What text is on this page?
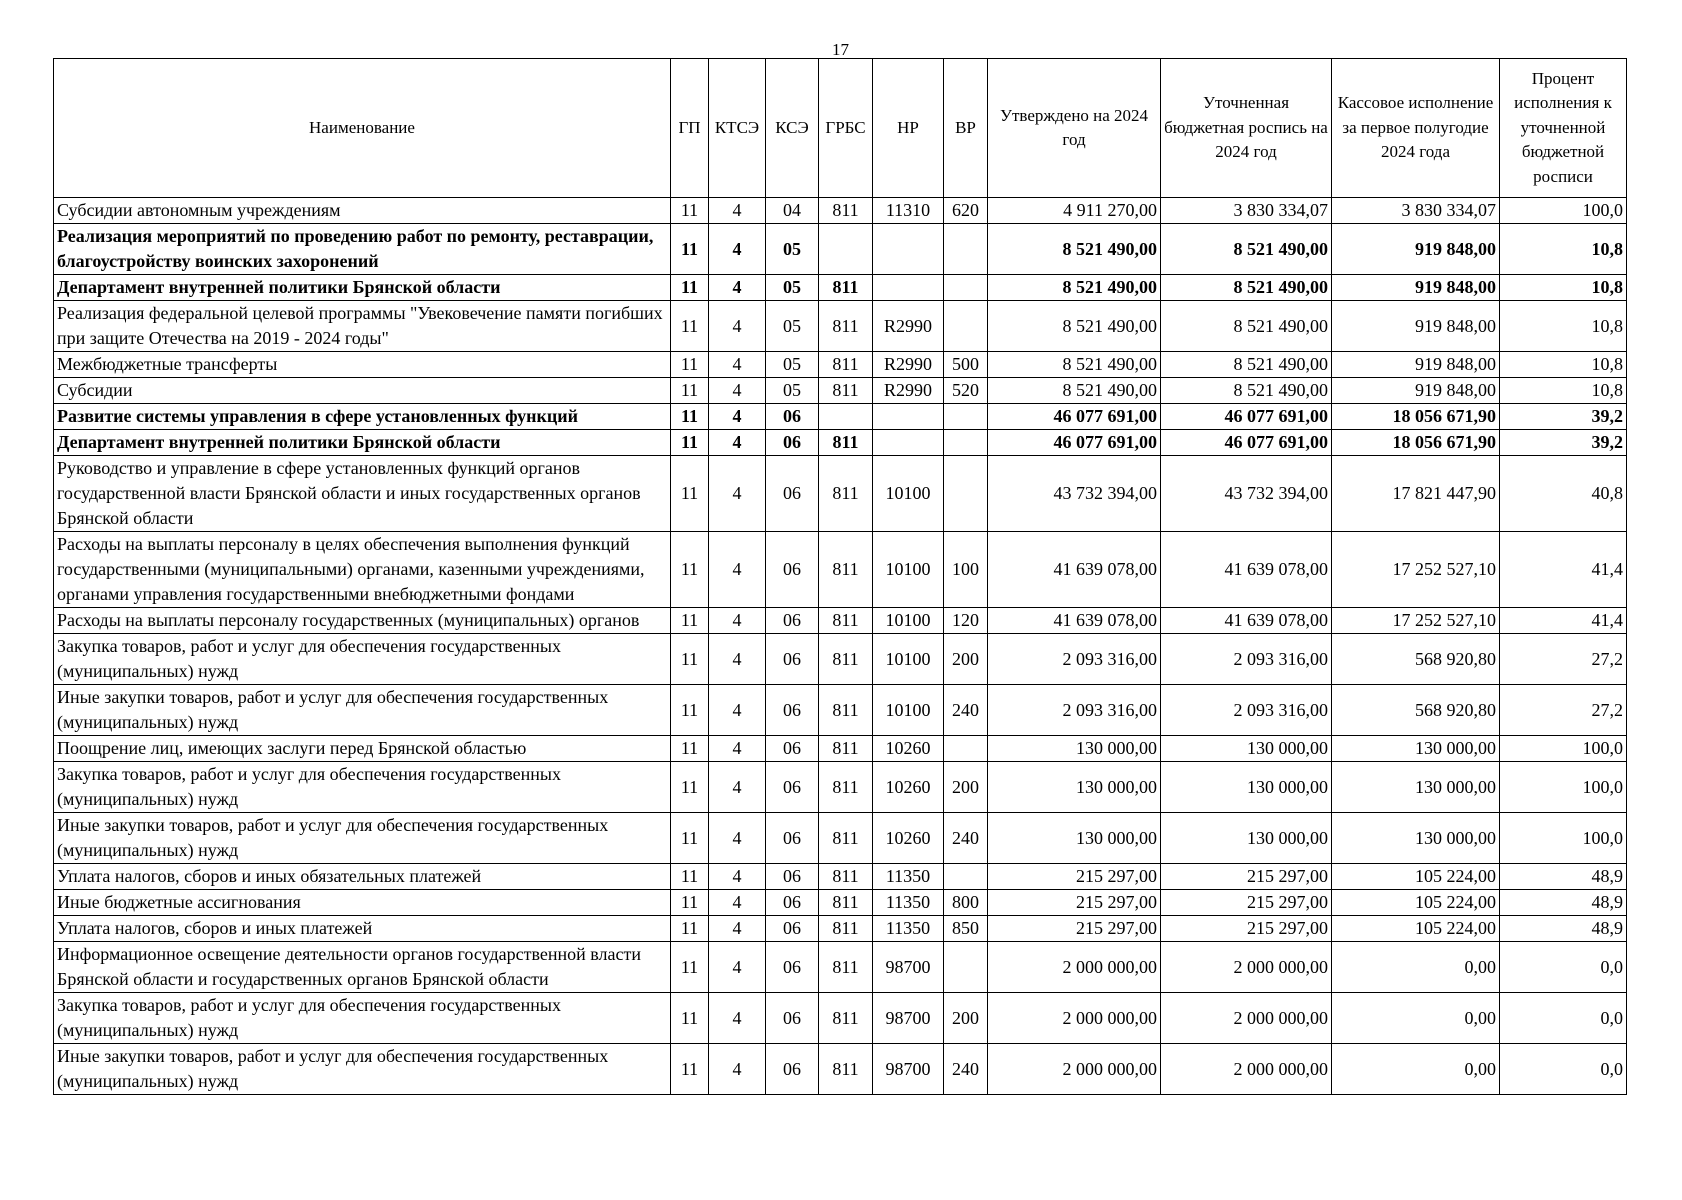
17
Наименование	ГП	КТСЭ	КСЭ	ГРБС	НР	ВР	Утверждено на 2024 год	Уточненная бюджетная роспись на 2024 год	Кассовое исполнение за первое полугодие 2024 года	Процент исполнения к уточненной бюджетной росписи
Субсидии автономным учреждениям	11	4	04	811	11310	620	4 911 270,00	3 830 334,07	3 830 334,07	100,0
Реализация мероприятий по проведению работ по ремонту, реставрации, благоустройству воинских захоронений	11	4	05				8 521 490,00	8 521 490,00	919 848,00	10,8
Департамент внутренней политики Брянской области	11	4	05	811			8 521 490,00	8 521 490,00	919 848,00	10,8
Реализация федеральной целевой программы "Увековечение памяти погибших при защите Отечества на 2019 - 2024 годы"	11	4	05	811	R2990		8 521 490,00	8 521 490,00	919 848,00	10,8
Межбюджетные трансферты	11	4	05	811	R2990	500	8 521 490,00	8 521 490,00	919 848,00	10,8
Субсидии	11	4	05	811	R2990	520	8 521 490,00	8 521 490,00	919 848,00	10,8
Развитие системы управления в сфере установленных функций	11	4	06				46 077 691,00	46 077 691,00	18 056 671,90	39,2
Департамент внутренней политики Брянской области	11	4	06	811			46 077 691,00	46 077 691,00	18 056 671,90	39,2
Руководство и управление в сфере установленных функций органов государственной власти Брянской области и иных государственных органов Брянской области	11	4	06	811	10100		43 732 394,00	43 732 394,00	17 821 447,90	40,8
Расходы на выплаты персоналу в целях обеспечения выполнения функций государственными (муниципальными) органами, казенными учреждениями, органами управления государственными внебюджетными фондами	11	4	06	811	10100	100	41 639 078,00	41 639 078,00	17 252 527,10	41,4
Расходы на выплаты персоналу государственных (муниципальных) органов	11	4	06	811	10100	120	41 639 078,00	41 639 078,00	17 252 527,10	41,4
Закупка товаров, работ и услуг для обеспечения государственных (муниципальных) нужд	11	4	06	811	10100	200	2 093 316,00	2 093 316,00	568 920,80	27,2
Иные закупки товаров, работ и услуг для обеспечения государственных (муниципальных) нужд	11	4	06	811	10100	240	2 093 316,00	2 093 316,00	568 920,80	27,2
Поощрение лиц, имеющих заслуги перед Брянской областью	11	4	06	811	10260		130 000,00	130 000,00	130 000,00	100,0
Закупка товаров, работ и услуг для обеспечения государственных (муниципальных) нужд	11	4	06	811	10260	200	130 000,00	130 000,00	130 000,00	100,0
Иные закупки товаров, работ и услуг для обеспечения государственных (муниципальных) нужд	11	4	06	811	10260	240	130 000,00	130 000,00	130 000,00	100,0
Уплата налогов, сборов и иных обязательных платежей	11	4	06	811	11350		215 297,00	215 297,00	105 224,00	48,9
Иные бюджетные ассигнования	11	4	06	811	11350	800	215 297,00	215 297,00	105 224,00	48,9
Уплата налогов, сборов и иных платежей	11	4	06	811	11350	850	215 297,00	215 297,00	105 224,00	48,9
Информационное освещение деятельности органов государственной власти Брянской области и государственных органов Брянской области	11	4	06	811	98700		2 000 000,00	2 000 000,00	0,00	0,0
Закупка товаров, работ и услуг для обеспечения государственных (муниципальных) нужд	11	4	06	811	98700	200	2 000 000,00	2 000 000,00	0,00	0,0
Иные закупки товаров, работ и услуг для обеспечения государственных (муниципальных) нужд	11	4	06	811	98700	240	2 000 000,00	2 000 000,00	0,00	0,0
